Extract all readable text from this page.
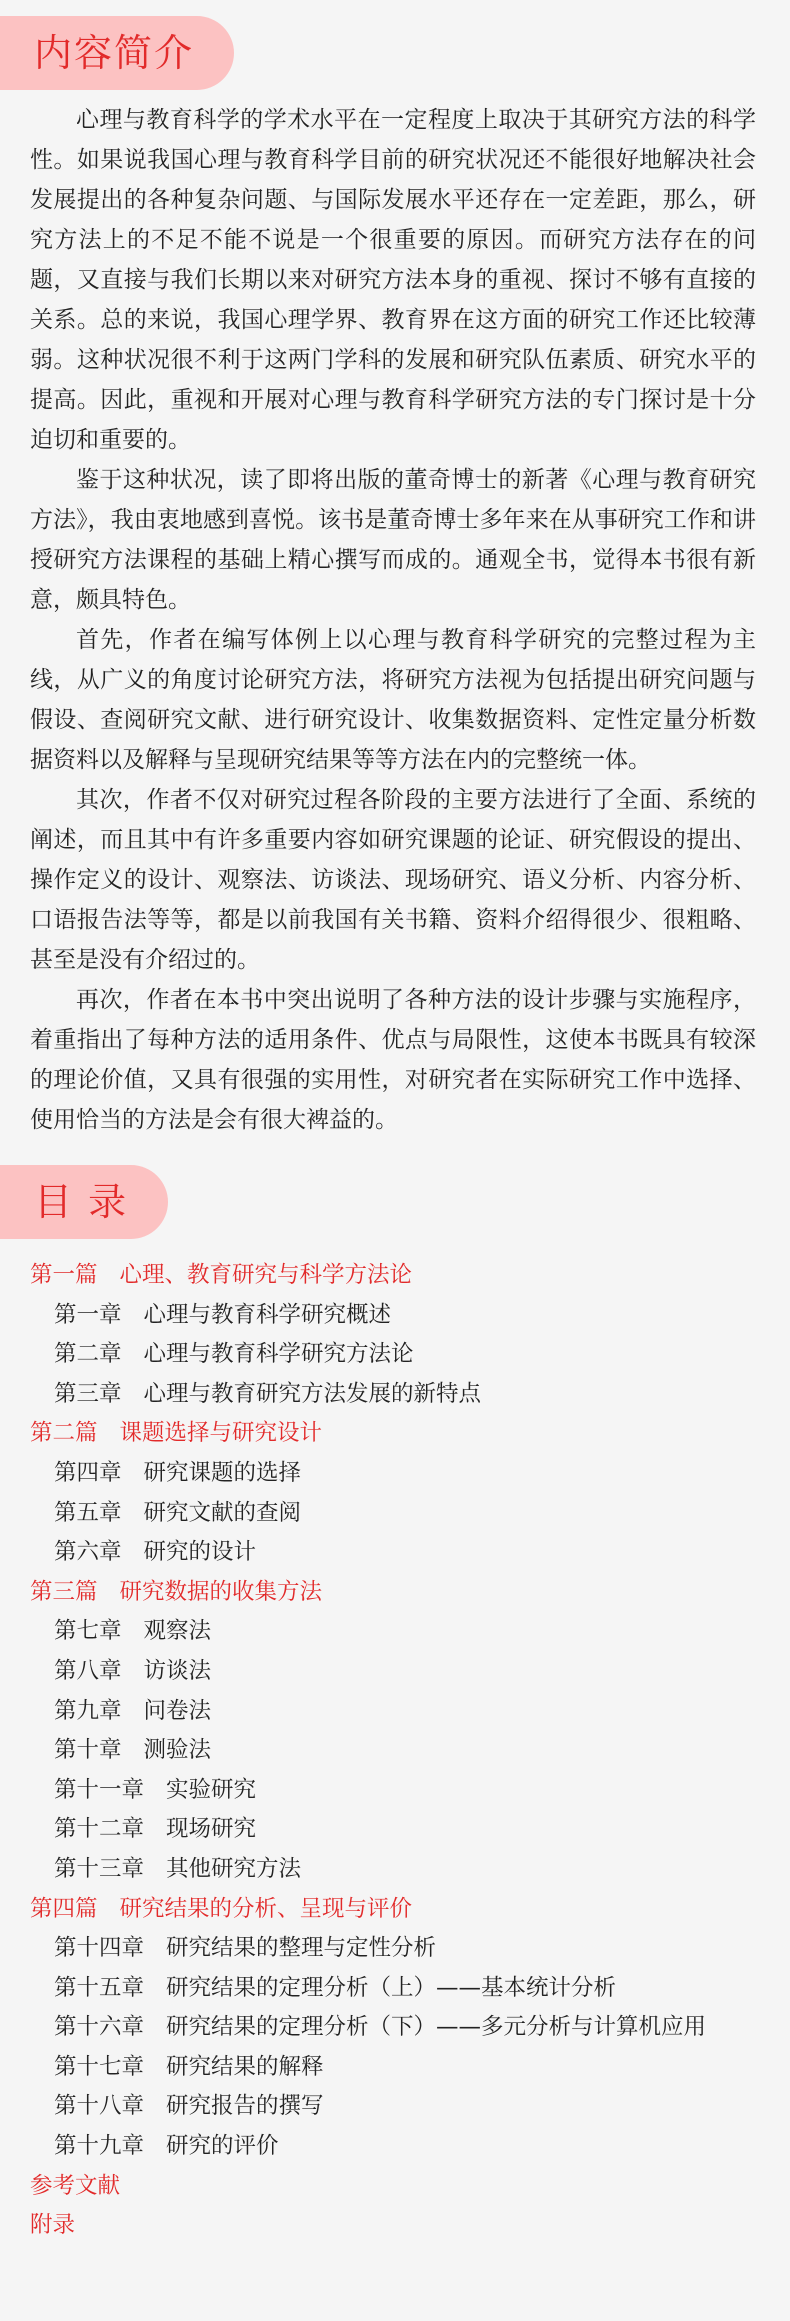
内容简介

心理与教育科学的学术水平在一定程度上取决于其研究方法的科学性。如果说我国心理与教育科学目前的研究状况还不能很好地解决社会发展提出的各种复杂问题、与国际发展水平还存在一定差距，那么，研究方法上的不足不能不说是一个很重要的原因。而研究方法存在的问题，又直接与我们长期以来对研究方法本身的重视、探讨不够有直接的关系。总的来说，我国心理学界、教育界在这方面的研究工作还比较薄弱。这种状况很不利于这两门学科的发展和研究队伍素质、研究水平的提高。因此，重视和开展对心理与教育科学研究方法的专门探讨是十分迫切和重要的。

鉴于这种状况，读了即将出版的董奇博士的新著《心理与教育研究方法》，我由衷地感到喜悦。该书是董奇博士多年来在从事研究工作和讲授研究方法课程的基础上精心撰写而成的。通观全书，觉得本书很有新意，颇具特色。

首先，作者在编写体例上以心理与教育科学研究的完整过程为主线，从广义的角度讨论研究方法，将研究方法视为包括提出研究问题与假设、查阅研究文献、进行研究设计、收集数据资料、定性定量分析数据资料以及解释与呈现研究结果等等方法在内的完整统一体。

其次，作者不仅对研究过程各阶段的主要方法进行了全面、系统的阐述，而且其中有许多重要内容如研究课题的论证、研究假设的提出、操作定义的设计、观察法、访谈法、现场研究、语义分析、内容分析、口语报告法等等，都是以前我国有关书籍、资料介绍得很少、很粗略、甚至是没有介绍过的。

再次，作者在本书中突出说明了各种方法的设计步骤与实施程序，着重指出了每种方法的适用条件、优点与局限性，这使本书既具有较深的理论价值，又具有很强的实用性，对研究者在实际研究工作中选择、使用恰当的方法是会有很大裨益的。

目 录
第一篇 心理、教育研究与科学方法论
第一章 心理与教育科学研究概述
第二章 心理与教育科学研究方法论
第三章 心理与教育研究方法发展的新特点
第二篇 课题选择与研究设计
第四章 研究课题的选择
第五章 研究文献的查阅
第六章 研究的设计
第三篇 研究数据的收集方法
第七章 观察法
第八章 访谈法
第九章 问卷法
第十章 测验法
第十一章 实验研究
第十二章 现场研究
第十三章 其他研究方法
第四篇 研究结果的分析、呈现与评价
第十四章 研究结果的整理与定性分析
第十五章 研究结果的定理分析（上）——基本统计分析
第十六章 研究结果的定理分析（下）——多元分析与计算机应用
第十七章 研究结果的解释
第十八章 研究报告的撰写
第十九章 研究的评价
参考文献
附录
